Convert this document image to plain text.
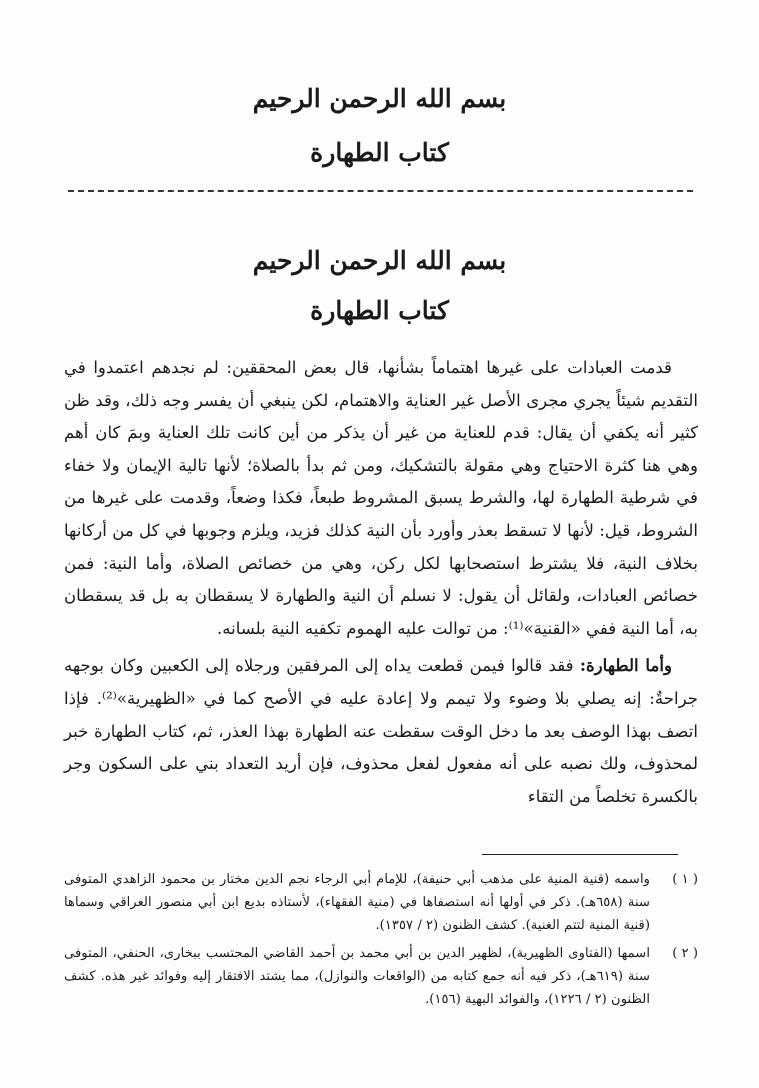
بسم الله الرحمن الرحيم
كتاب الطهارة
بسم الله الرحمن الرحيم
كتاب الطهارة

قدمت العبادات على غيرها اهتماماً بشأنها، قال بعض المحققين: لم نجدهم اعتمدوا في التقديم شيئاً يجري مجرى الأصل غير العناية والاهتمام، لكن ينبغي أن يفسر وجه ذلك، وقد ظن كثير أنه يكفي أن يقال: قدم للعناية من غير أن يذكر من أين كانت تلك العناية وبمَ كان أهم وهي هنا كثرة الاحتياج وهي مقولة بالتشكيك، ومن ثم بدأ بالصلاة؛ لأنها تالية الإيمان ولا خفاء في شرطية الطهارة لها، والشرط يسبق المشروط طبعاً، فكذا وضعاً، وقدمت على غيرها من الشروط، قيل: لأنها لا تسقط بعذر وأورد بأن النية كذلك فزيد، ويلزم وجوبها في كل من أركانها بخلاف النية، فلا يشترط استصحابها لكل ركن، وهي من خصائص الصلاة، وأما النية: فمن خصائص العبادات، ولقائل أن يقول: لا نسلم أن النية والطهارة لا يسقطان به بل قد يسقطان به، أما النية ففي «القنية»⁽¹⁾: من توالت عليه الهموم تكفيه النية بلسانه.

وأما الطهارة: فقد قالوا فيمن قطعت يداه إلى المرفقين ورجلاه إلى الكعبين وكان بوجهه جراحةٌ: إنه يصلي بلا وضوء ولا تيمم ولا إعادة عليه في الأصح كما في «الظهيرية»⁽²⁾. فإذا اتصف بهذا الوصف بعد ما دخل الوقت سقطت عنه الطهارة بهذا العذر، ثم، كتاب الطهارة خبر لمحذوف، ولك نصبه على أنه مفعول لفعل محذوف، فإن أريد التعداد بني على السكون وجر بالكسرة تخلصاً من التقاء

( ١ )
واسمه (قنية المنية على مذهب أبي حنيفة)، للإمام أبي الرجاء نجم الدين مختار بن محمود الزاهدي المتوفى سنة (٦٥٨هـ). ذكر في أولها أنه استصفاها في (منية الفقهاء)، لأستاذه بديع ابن أبي منصور العراقي وسماها (قنية المنية لتتم الغنية). كشف الظنون (٢ / ١٣٥٧).
( ٢ )
اسمها (الفتاوى الظهيرية)، لظهير الدين بن أبي محمد بن أحمد القاضي المحتسب ببخارى، الحنفي، المتوفى سنة (٦١٩هـ)، ذكر فيه أنه جمع كتابه من (الواقعات والنوازل)، مما يشتد الافتقار إليه وفوائد غير هذه. كشف الظنون (٢ / ١٢٢٦)، والفوائد البهية (١٥٦).
